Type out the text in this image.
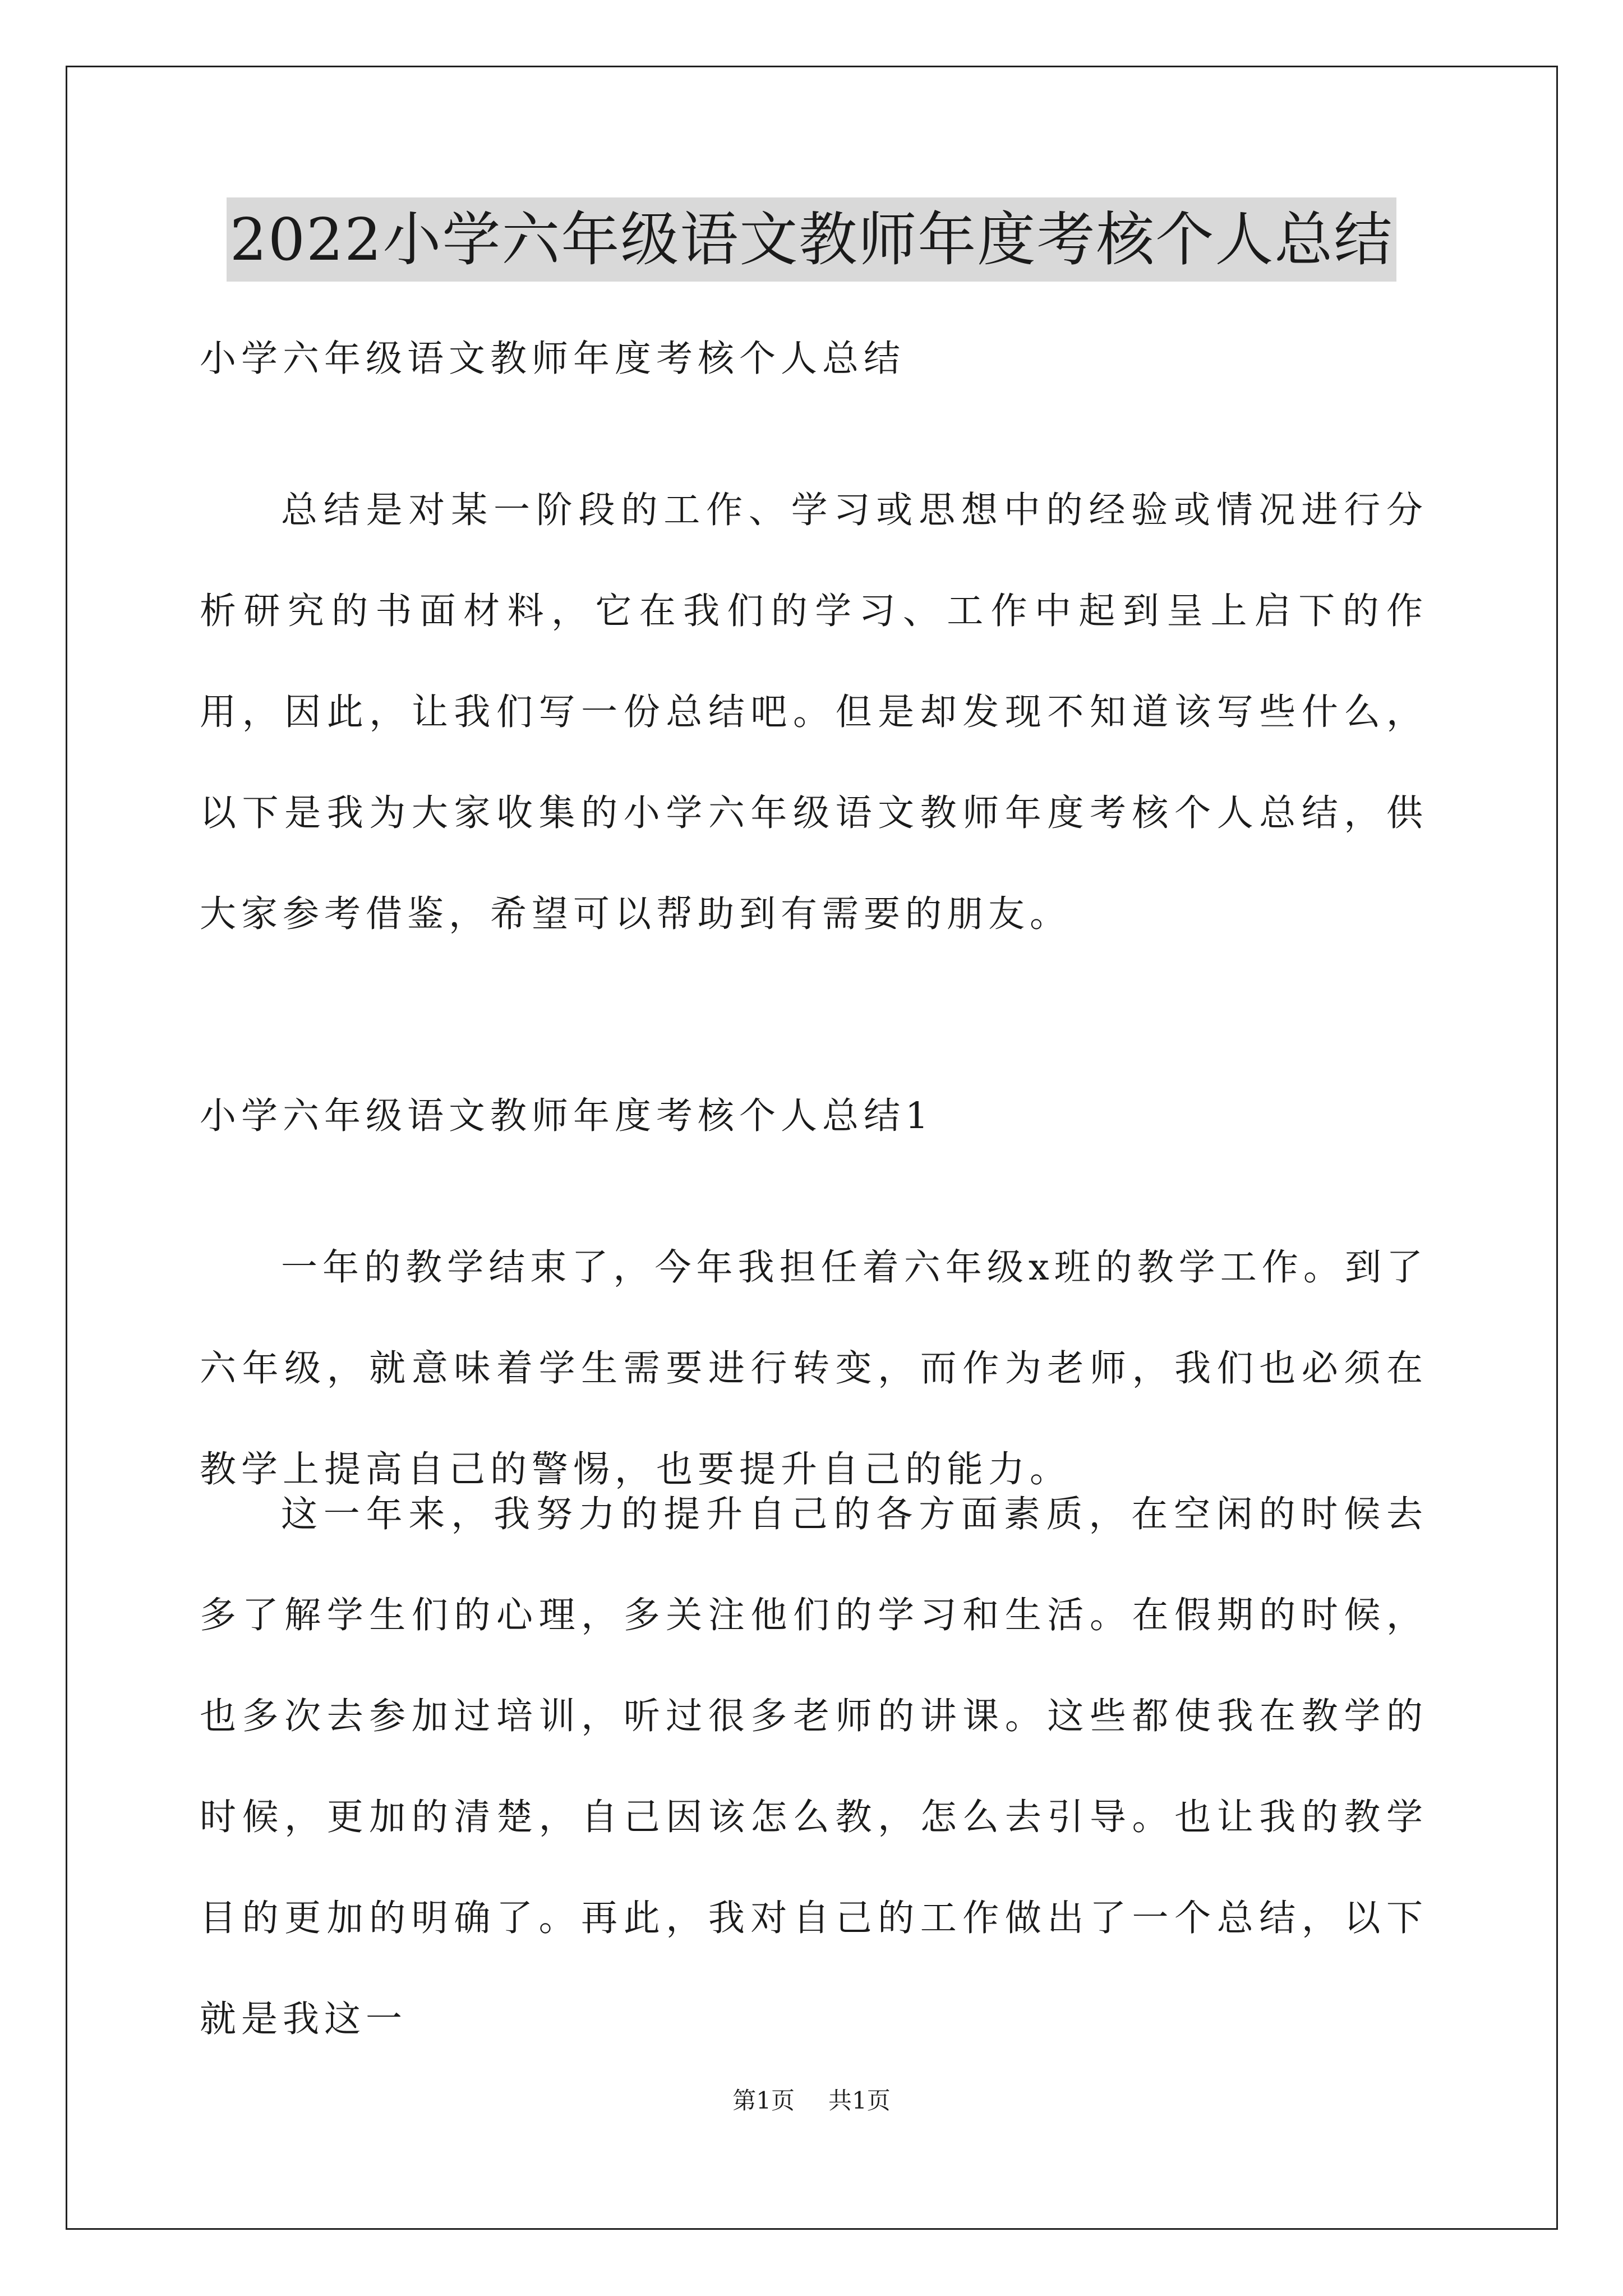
2022小学六年级语文教师年度考核个人总结
小学六年级语文教师年度考核个人总结

总结是对某一阶段的工作、学习或思想中的经验或情况进行分析研究的书面材料，它在我们的学习、工作中起到呈上启下的作用，因此，让我们写一份总结吧。但是却发现不知道该写些什么，以下是我为大家收集的小学六年级语文教师年度考核个人总结，供大家参考借鉴，希望可以帮助到有需要的朋友。

小学六年级语文教师年度考核个人总结1

一年的教学结束了，今年我担任着六年级x班的教学工作。到了六年级，就意味着学生需要进行转变，而作为老师，我们也必须在教学上提高自己的警惕，也要提升自己的能力。

这一年来，我努力的提升自己的各方面素质，在空闲的时候去多了解学生们的心理，多关注他们的学习和生活。在假期的时候，也多次去参加过培训，听过很多老师的讲课。这些都使我在教学的时候，更加的清楚，自己因该怎么教，怎么去引导。也让我的教学目的更加的明确了。再此，我对自己的工作做出了一个总结，以下就是我这一

第1页 共1页
